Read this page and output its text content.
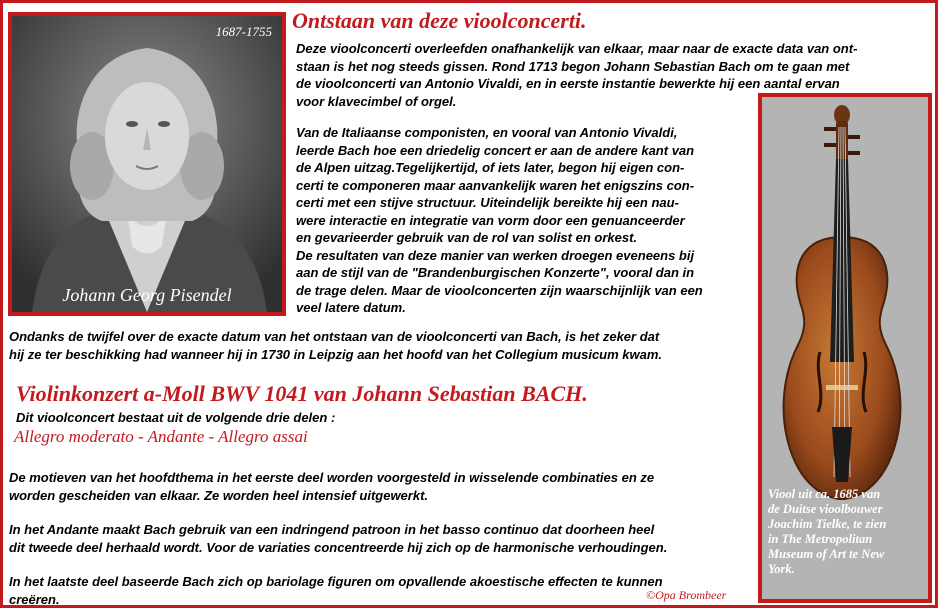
1687-1755
Johann Georg Pisendel
Ontstaan van deze vioolconcerti.

Deze vioolconcerti overleefden onafhankelijk van elkaar, maar naar de exacte data van ont-
staan is het nog steeds gissen. Rond 1713 begon Johann Sebastian Bach om te gaan met
de vioolconcerti van Antonio Vivaldi, en in eerste instantie bewerkte hij een aantal ervan
voor klavecimbel of orgel.

Van de Italiaanse componisten, en vooral van Antonio Vivaldi,
leerde Bach hoe een driedelig concert er aan de andere kant van
de Alpen uitzag.Tegelijkertijd, of iets later, begon hij eigen con-
certi te componeren maar aanvankelijk waren het enigszins con-
certi met een stijve structuur. Uiteindelijk bereikte hij een nau-
were interactie en integratie van vorm door een genuanceerder
en gevarieerder gebruik van de rol van solist en orkest.
De resultaten van deze manier van werken droegen eveneens bij
aan de stijl van de "Brandenburgischen Konzerte", vooral dan in
de trage delen. Maar de vioolconcerten zijn waarschijnlijk van een
veel latere datum.

Ondanks de twijfel over de exacte datum van het ontstaan van de vioolconcerti van Bach, is het zeker dat
hij ze ter beschikking had wanneer hij in 1730 in Leipzig aan het hoofd van het Collegium musicum kwam.

Violinkonzert a-Moll BWV 1041 van Johann Sebastian BACH.

Dit vioolconcert bestaat uit de volgende drie delen :

Allegro moderato - Andante - Allegro assai

De motieven van het hoofdthema in het eerste deel worden voorgesteld in wisselende combinaties en ze
worden gescheiden van elkaar. Ze worden heel intensief uitgewerkt.

In het Andante maakt Bach gebruik van een indringend patroon in het basso continuo dat doorheen heel
dit tweede deel herhaald wordt. Voor de variaties concentreerde hij zich op de harmonische verhoudingen.

In het laatste deel baseerde Bach zich op bariolage figuren om opvallende akoestische effecten te kunnen
creëren.	©Opa Brombeer
Viool uit ca. 1685 van
de Duitse vioolbouwer
Joachim Tielke, te zien
in The Metropolitan
Museum of Art te New
York.
